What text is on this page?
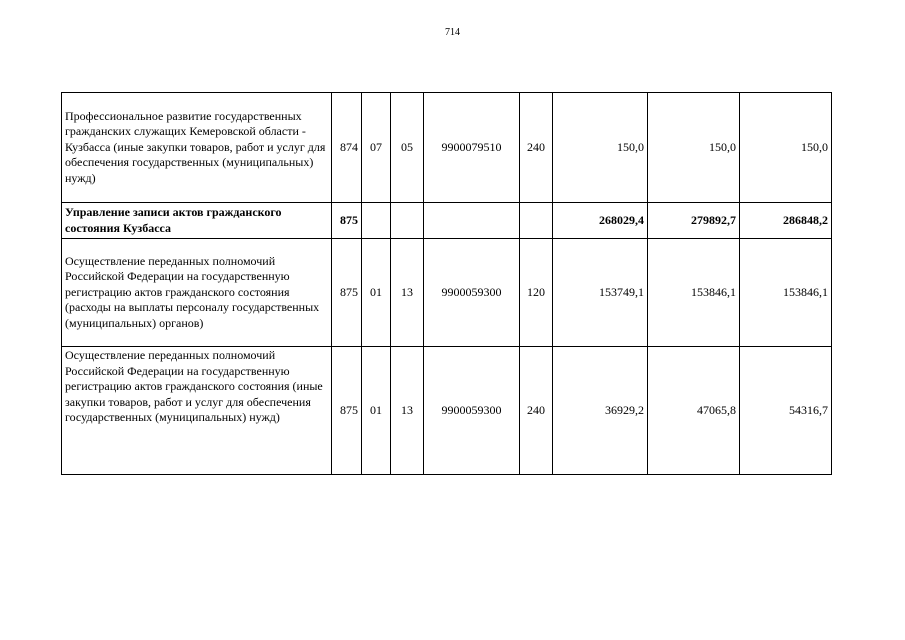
714
Профессиональное развитие государственных гражданских служащих Кемеровской области - Кузбасса (иные закупки товаров, работ и услуг для обеспечения государственных (муниципальных) нужд)	874	07	05	9900079510	240	150,0	150,0	150,0
Управление записи актов гражданского состояния Кузбасса	875					268029,4	279892,7	286848,2
Осуществление переданных полномочий Российской Федерации на государственную регистрацию актов гражданского состояния (расходы на выплаты персоналу государственных (муниципальных) органов)	875	01	13	9900059300	120	153749,1	153846,1	153846,1
Осуществление переданных полномочий Российской Федерации на государственную регистрацию актов гражданского состояния (иные закупки товаров, работ и услуг для обеспечения государственных (муниципальных) нужд)	875	01	13	9900059300	240	36929,2	47065,8	54316,7
